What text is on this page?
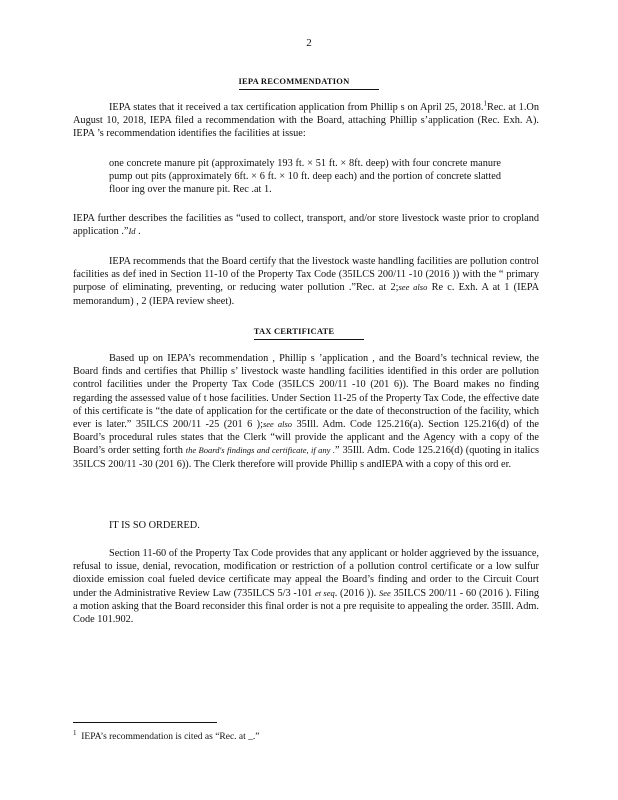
2
IEPA RECOMMENDATION

IEPA states that it received a tax certification application from Phillip s on April 25, 2018.$^1$Rec. at 1.On August 10, 2018, IEPA filed a recommendation with the Board, attaching Phillip s’application (Rec. Exh. A). IEPA ’s recommendation identifies the facilities at issue:

one concrete manure pit (approximately 193 ft. × 51 ft. × 8ft. deep) with four concrete manure pump out pits (approximately 6ft. × 6 ft. × 10 ft. deep each) and the portion of concrete slatted floor ing over the manure pit. Rec .at 1.

IEPA further describes the facilities as “used to collect, transport, and/or store livestock waste prior to cropland application .”Id .

IEPA recommends that the Board certify that the livestock waste handling facilities are pollution control facilities as def ined in Section 11-10 of the Property Tax Code (35ILCS 200/11 -10 (2016 )) with the “ primary purpose of eliminating, preventing, or reducing water pollution .”Rec. at 2;see also Re c. Exh. A at 1 (IEPA memorandum) , 2 (IEPA review sheet).

TAX CERTIFICATE

Based up on IEPA’s recommendation , Phillip s ’application , and the Board’s technical review, the Board finds and certifies that Phillip s’ livestock waste handling facilities identified in this order are pollution control facilities under the Property Tax Code (35ILCS 200/11 -10 (201 6)). The Board makes no finding regarding the assessed value of t hose facilities. Under Section 11-25 of the Property Tax Code, the effective date of this certificate is “the date of application for the certificate or the date of theconstruction of the facility, which ever is later.” 35ILCS 200/11 -25 (201 6 );see also 35Ill. Adm. Code 125.216(a). Section 125.216(d) of the Board’s procedural rules states that the Clerk “will provide the applicant and the Agency with a copy of the Board’s order setting forth the Board's findings and certificate, if any .” 35Ill. Adm. Code 125.216(d) (quoting in italics 35ILCS 200/11 -30 (201 6)). The Clerk therefore will provide Phillip s andIEPA with a copy of this ord er.

IT IS SO ORDERED.

Section 11-60 of the Property Tax Code provides that any applicant or holder aggrieved by the issuance, refusal to issue, denial, revocation, modification or restriction of a pollution control certificate or a low sulfur dioxide emission coal fueled device certificate may appeal the Board’s finding and order to the Circuit Court under the Administrative Review Law (735ILCS 5/3 -101 et seq. (2016 )). See 35ILCS 200/11 - 60 (2016 ). Filing a motion asking that the Board reconsider this final order is not a pre requisite to appealing the order. 35Ill. Adm. Code 101.902.

$^1$ IEPA’s recommendation is cited as “Rec. at _.”
